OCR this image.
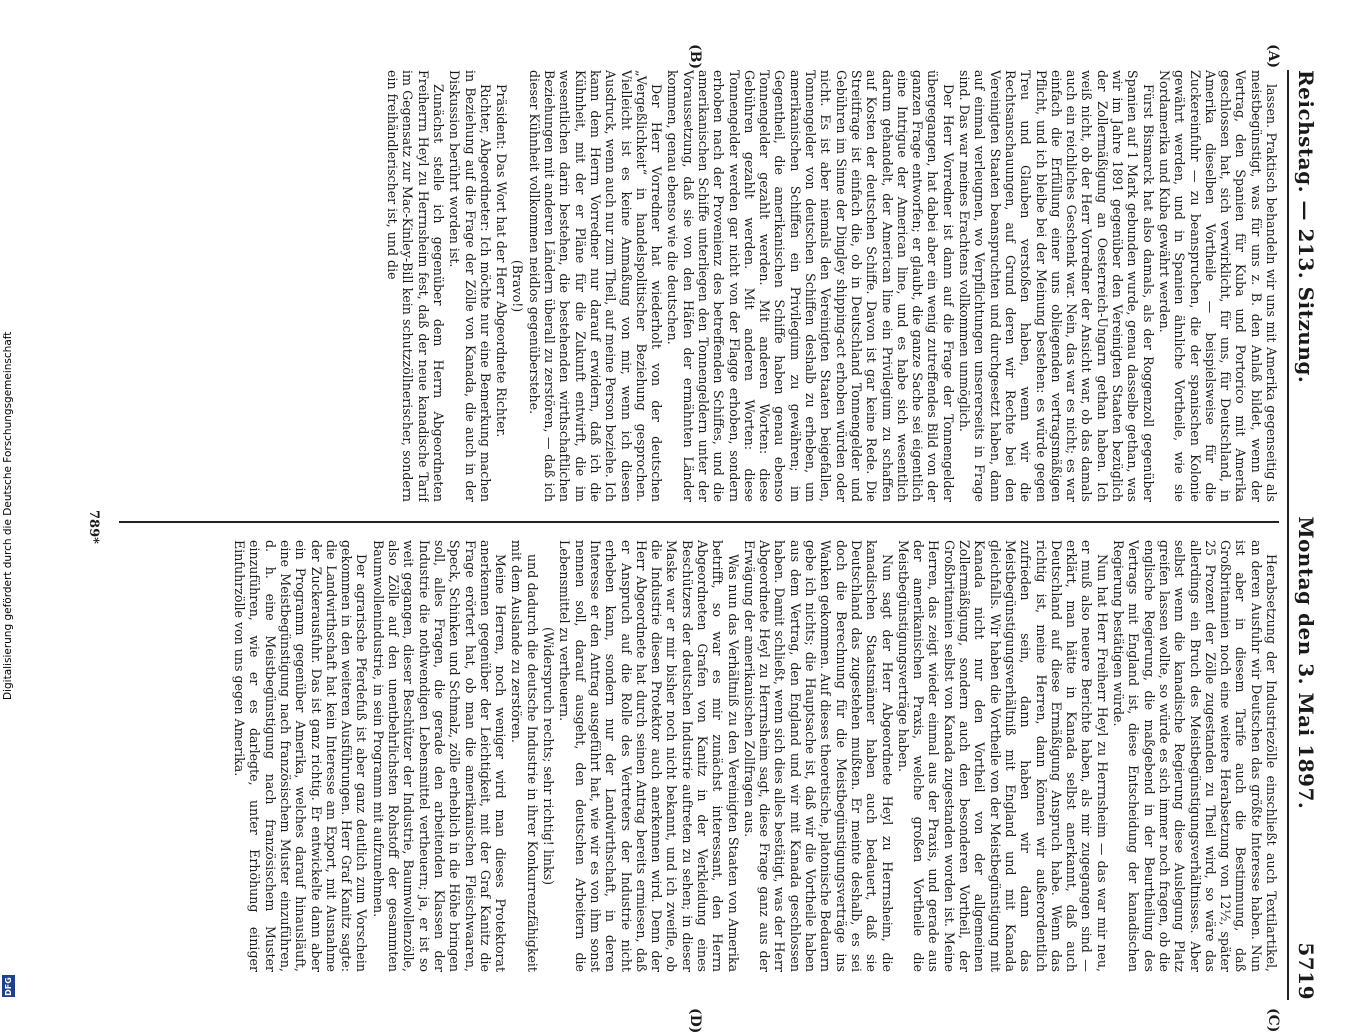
Reichstag. — 213. Sitzung.
Montag den 3. Mai 1897.
5719
(A)
(B)
(C)
(D)

lassen. Praktisch behandeln wir uns mit Amerika gegenseitig als meistbegünstigt, was für uns z. B. den Anlaß bildet, wenn der Vertrag, den Spanien für Kuba und Portorico mit Amerika geschlossen hat, sich verwirklicht, für uns, für Deutschland, in Amerika dieselben Vortheile — beispielsweise für die Zuckereinfuhr — zu beanspruchen, die der spanischen Kolonie gewährt werden, und in Spanien ähnliche Vortheile, wie sie Nordamerika und Kuba gewährt werden.

Fürst Bismarck hat also damals, als der Roggenzoll gegenüber Spanien auf 1 Mark gebunden wurde, genau dasselbe gethan, was wir im Jahre 1891 gegenüber den Vereinigten Staaten bezüglich der Zollermäßigung an Oesterreich-Ungarn gethan haben. Ich weiß nicht, ob der Herr Vorredner der Ansicht war, ob das damals auch ein reichliches Geschenk war. Nein, das war es nicht; es war einfach die Erfüllung einer uns obliegenden vertragsmäßigen Pflicht, und ich bleibe bei der Meinung bestehen: es würde gegen Treu und Glauben verstoßen haben, wenn wir die Rechtsanschauungen, auf Grund deren wir Rechte bei den Vereinigten Staaten beanspruchten und durchgesetzt haben, dann auf einmal verleugnen, wo Verpflichtungen unsererseits in Frage sind. Das war meines Erachtens vollkommen unmöglich.

Der Herr Vorredner ist dann auf die Frage der Tonnengelder übergegangen, hat dabei aber ein wenig zutreffendes Bild von der ganzen Frage entworfen; er glaubt, die ganze Sache sei eigentlich eine Intrigue der American line, und es habe sich wesentlich darum gehandelt, der American line ein Privilegium zu schaffen auf Kosten der deutschen Schiffe. Davon ist gar keine Rede. Die Streitfrage ist einfach die, ob in Deutschland Tonnengelder und Gebühren im Sinne der Dingley shipping-act erhoben würden oder nicht. Es ist aber niemals den Vereinigten Staaten beigefallen, Tonnengelder von deutschen Schiffen deshalb zu erheben, um amerikanischen Schiffen ein Privilegium zu gewähren; im Gegentheil, die amerikanischen Schiffe haben genau ebenso Tonnengelder gezahlt werden. Mit anderen Worten: diese Gebühren gezahlt werden. Mit anderen Worten: diese Tonnengelder werden gar nicht von der Flagge erhoben, sondern erhoben nach der Provenienz des betreffenden Schiffes, und die amerikanischen Schiffe unterliegen den Tonnengeldern unter der Voraussetzung, daß sie von den Häfen der ermähnten Länder kommen, genau ebenso wie die deutschen.

Der Herr Vorredner hat wiederholt von der deutschen „Vergeßlichkeit“ in handelspolitischer Beziehung gesprochen. Vielleicht ist es keine Anmaßung von mir, wenn ich diesen Ausdruck, wenn auch nur zum Theil, auf meine Person beziehe. Ich kann dem Herrn Vorredner nur darauf erwidern, daß ich die Kühnheit, mit der er Pläne für die Zukunft entwirft, die im wesentlichen darin bestehen, die bestehenden wirthschaftlichen Beziehungen mit anderen Ländern überall zu zerstören, — daß ich dieser Kühnheit vollkommen neidlos gegenüberstehe.

(Bravo!)

Präsident: Das Wort hat der Herr Abgeordnete Richter.

Richter, Abgeordneter: Ich möchte nur eine Bemerkung machen in Beziehung auf die Frage der Zölle von Kanada, die auch in der Diskussion berührt worden ist.

Zunächst stelle ich gegenüber dem Herrn Abgeordneten Freiherrn Heyl zu Herrnsheim fest, daß der neue kanadische Tarif im Gegensatz zur Mac-Kinley-Bill kein schutzzöllnerischer, sondern ein freihändlerischer ist, und die

Herabsetzung der Industriezölle einschließt auch Textilartikel, an deren Ausfuhr wir Deutschen das größte Interesse haben. Nun ist aber in diesem Tarife auch die Bestimmung, daß Großbritannien noch eine weitere Herabsetzung von 12½, später 25 Prozent der Zölle zugestanden zu Theil wird, so wäre das allerdings ein Bruch des Meistbegünstigungsverhältnisses. Aber selbst wenn die kanadische Regierung diese Auslegung Platz greifen lassen wollte, so würde es sich immer noch fragen, ob die englische Regierung, die maßgebend in der Beurtheilung des Vertrags mit England ist, diese Entscheidung der kanadischen Regierung bestätigen würde.

Nun hat Herr Freiherr Heyl zu Herrnsheim — das war mir neu, er muß also neuere Berichte haben, als mir zugegangen sind — erklärt, man hätte in Kanada selbst anerkannt, daß auch Deutschland auf diese Ermäßigung Anspruch habe. Wenn das richtig ist, meine Herren, dann können wir außerordentlich zufrieden sein, dann haben wir dann das Meistbegünstigungsverhältniß mit England und mit Kanada gleichfalls. Wir haben die Vortheile von der Meistbegünstigung mit Kanada nicht nur den Vortheil von der allgemeinen Zollermäßigung, sondern auch den besonderen Vortheil, der Großbritannien selbst von Kanada zugestanden worden ist. Meine Herren, das zeigt wieder einmal aus der Praxis, und gerade aus der amerikanischen Praxis, welche großen Vortheile die Meistbegünstigungsverträge haben.

Nun sagt der Herr Abgeordnete Heyl zu Herrnsheim, die kanadischen Staatsmänner haben auch bedauert, daß sie Deutschland das zugestehen mußten. Er meinte deshalb, es sei doch die Berechnung für die Meistbegünstigungsverträge ins Wanken gekommen. Auf dieses theoretische, platonische Bedauern gebe ich nichts; die Hauptsache ist, daß wir die Vortheile haben aus dem Vertrag, den England und wir mit Kanada geschlossen haben. Damit schließt, wenn sich dies alles bestätigt, was der Herr Abgeordnete Heyl zu Herrnsheim sagt, diese Frage ganz aus der Erwägung der amerikanischen Zollfragen aus.

Was nun das Verhältniß zu den Vereinigten Staaten von Amerika betrifft, so war es mir zunächst interessant, den Herrn Abgeordneten Grafen von Kanitz in der Verkleidung eines Beschützers der deutschen Industrie auftreten zu sehen; in dieser Maske war er mir bisher noch nicht bekannt, und ich zweifle, ob die Industrie diesen Protektor auch anerkennen wird. Denn der Herr Abgeordnete hat durch seinen Antrag bereits ermiesen, daß er Anspruch auf die Rolle des Vertreters der Industrie nicht erheben kann, sondern nur der Landwirthschaft, in deren Interesse er den Antrag ausgeführt hat, wie wir es von ihm sonst nennen soll, darauf ausgeht, den deutschen Arbeitern die Lebensmittel zu vertheuern.

(Widerspruch rechts; sehr richtig! links)

und dadurch die deutsche Industrie in ihrer Konkurrenzfähigkeit mit dem Auslande zu zerstören.

Meine Herren, noch weniger wird man dieses Protektorat anerkennen gegenüber der Leichtigkeit, mit der Graf Kanitz die Frage erörtert hat, ob man die amerikanischen Fleischwaaren, Speck, Schinken und Schmalz, zölle erheblich in die Höhe bringen soll, alles Fragen, die gerade den arbeitenden Klassen der Industrie die nothwendigen Lebensmittel vertheuern; ja, er ist so weit gegangen, dieser Beschützer der Industrie, Baumwollenzölle, also Zölle auf den unentbehrlichsten Rohstoff der gesammten Baumwollenindustrie, in sein Programm mit aufzunehmen.

Der agrarische Pferdefuß ist aber ganz deutlich zum Vorschein gekommen in den weiteren Ausführungen. Herr Graf Kanitz sagte: die Landwirthschaft hat kein Interesse am Export, mit Ausnahme der Zuckerausfuhr. Das ist ganz richtig. Er entwickelte dann aber ein Programm gegenüber Amerika, welches darauf hinausläuft, eine Meistbegünstigung nach französischem Muster einzuführen, d. h. eine Meistbegünstigung nach französischem Muster einzuführen, wie er es darlegte, unter Erhöhung einiger Einfuhrzölle von uns gegen Amerika.

789*
Digitalisierung gefördert durch die Deutsche Forschungsgemeinschaft
DFG
